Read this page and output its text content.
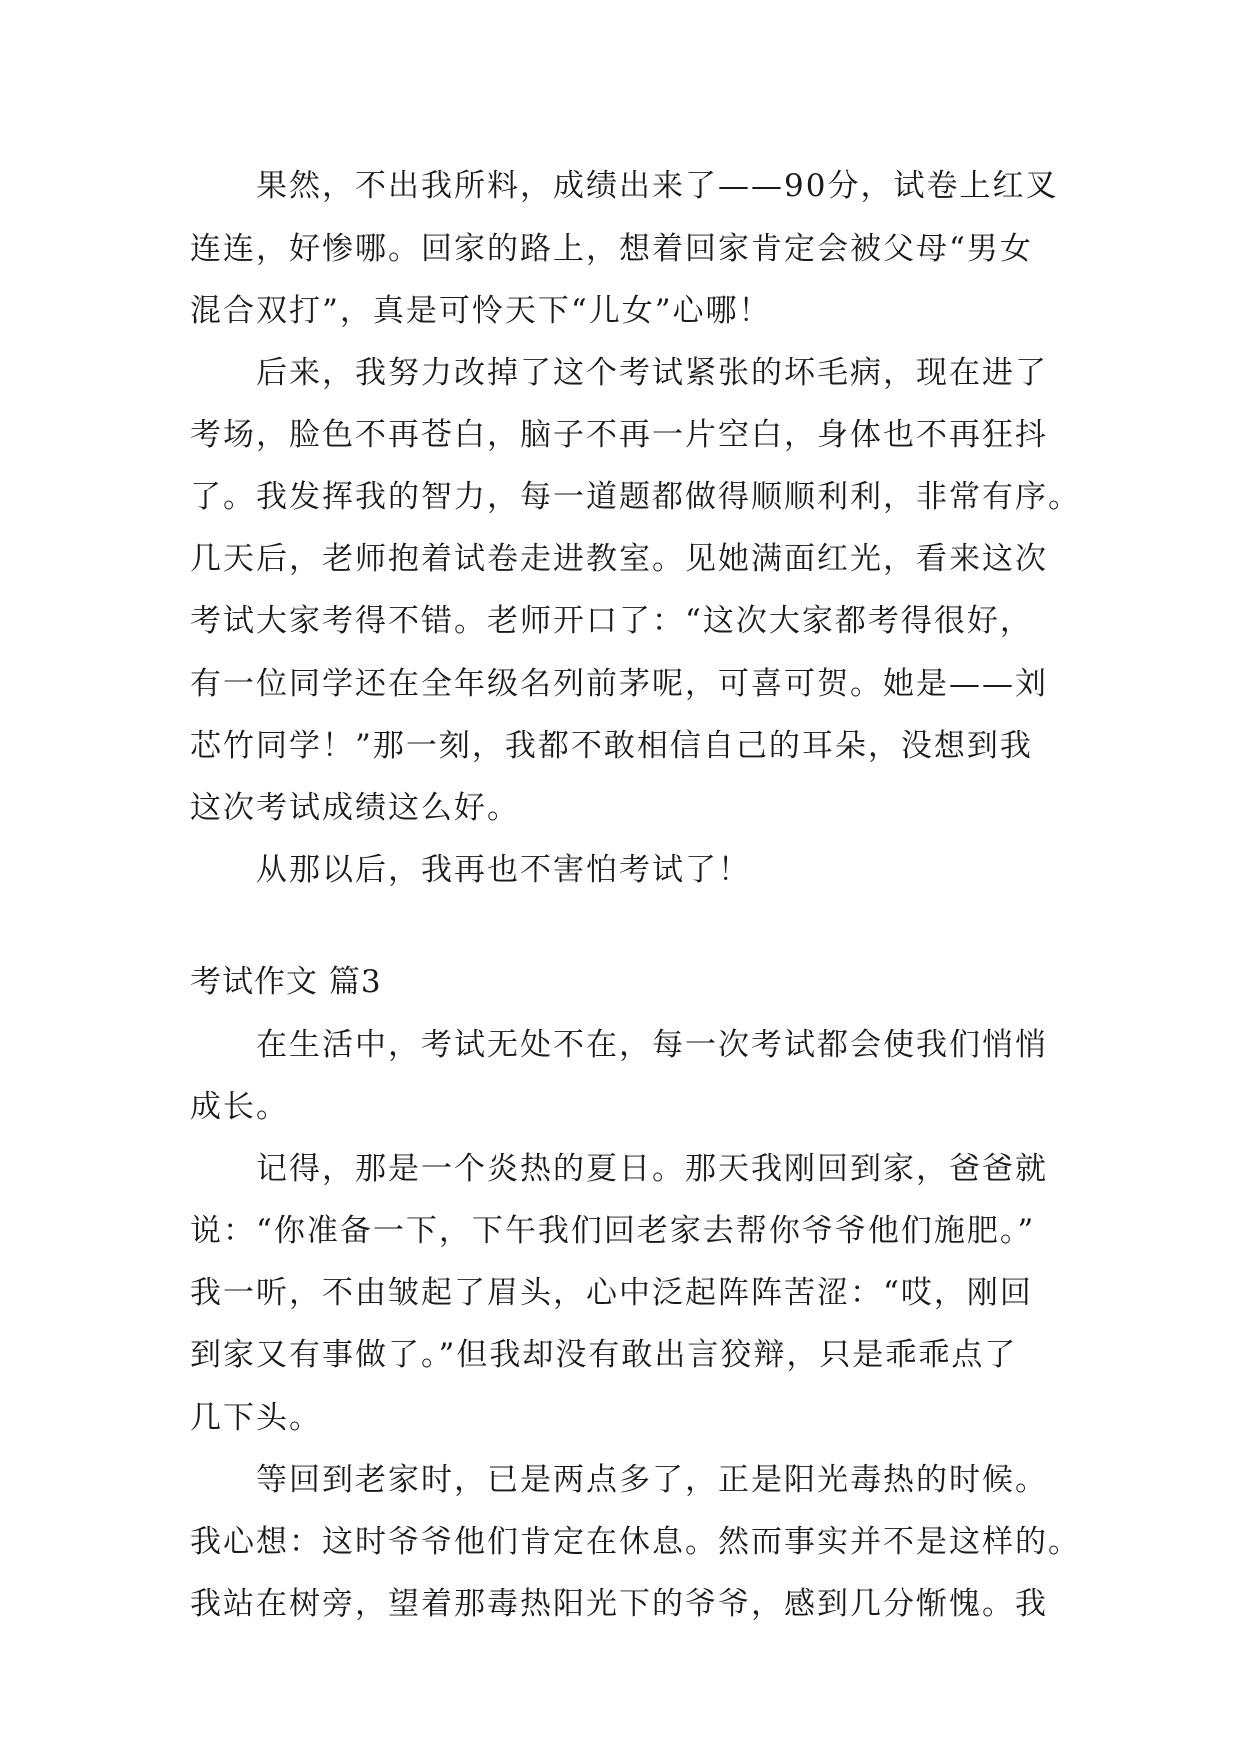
果然，不出我所料，成绩出来了——90分，试卷上红叉
连连，好惨哪。回家的路上，想着回家肯定会被父母“男女
混合双打”，真是可怜天下“儿女”心哪！
后来，我努力改掉了这个考试紧张的坏毛病，现在进了
考场，脸色不再苍白，脑子不再一片空白，身体也不再狂抖
了。我发挥我的智力，每一道题都做得顺顺利利，非常有序。
几天后，老师抱着试卷走进教室。见她满面红光，看来这次
考试大家考得不错。老师开口了：“这次大家都考得很好，
有一位同学还在全年级名列前茅呢，可喜可贺。她是——刘
芯竹同学！”那一刻，我都不敢相信自己的耳朵，没想到我
这次考试成绩这么好。
从那以后，我再也不害怕考试了！
考试作文 篇3
在生活中，考试无处不在，每一次考试都会使我们悄悄
成长。
记得，那是一个炎热的夏日。那天我刚回到家，爸爸就
说：“你准备一下，下午我们回老家去帮你爷爷他们施肥。”
我一听，不由皱起了眉头，心中泛起阵阵苦涩：“哎，刚回
到家又有事做了。”但我却没有敢出言狡辩，只是乖乖点了
几下头。
等回到老家时，已是两点多了，正是阳光毒热的时候。
我心想：这时爷爷他们肯定在休息。然而事实并不是这样的。
我站在树旁，望着那毒热阳光下的爷爷，感到几分惭愧。我
